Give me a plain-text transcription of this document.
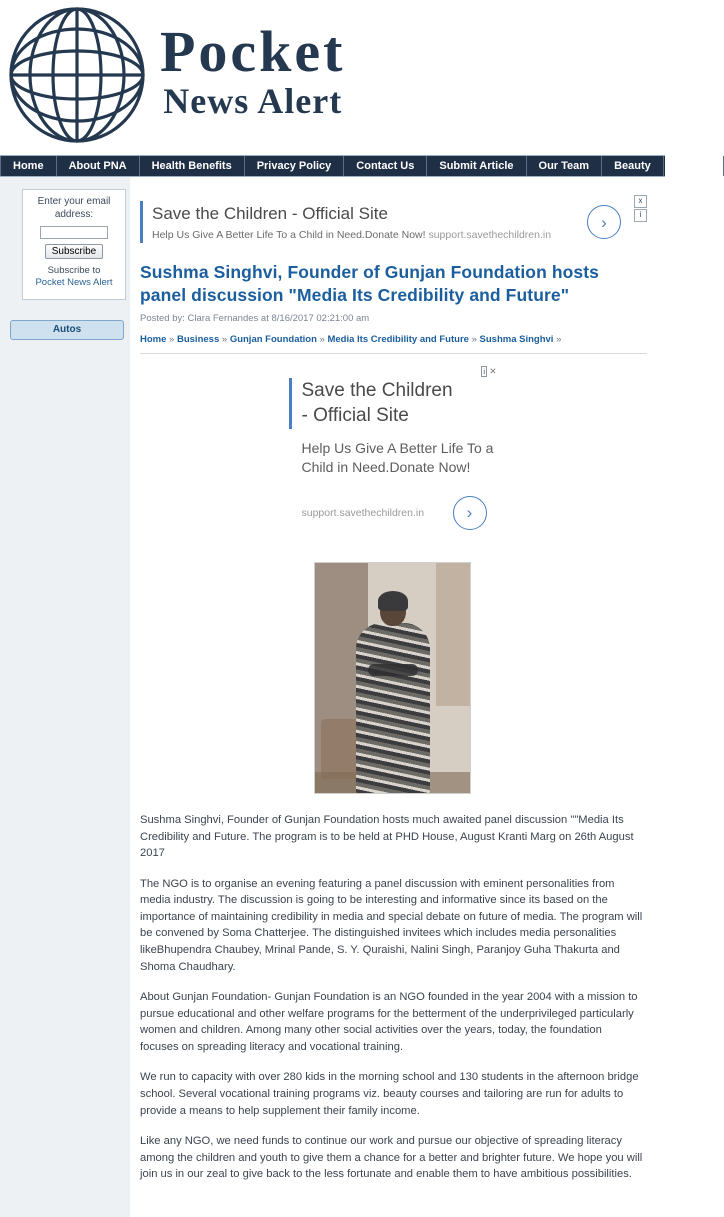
Pocket
News Alert
Home	About PNA	Health Benefits	Privacy Policy	Contact Us	Submit Article	Our Team	Beauty	Sports
Enter your email address:
Subscribe
Subscribe to
Pocket News Alert
Autos
Save the Children - Official Site
Help Us Give A Better Life To a Child in Need.Donate Now! support.savethechildren.in
›
x
i
Sushma Singhvi, Founder of Gunjan Foundation hosts panel discussion "Media Its Credibility and Future"
Posted by: Clara Fernandes at 8/16/2017 02:21:00 am
Home » Business » Gunjan Foundation » Media Its Credibility and Future » Sushma Singhvi »
i ✕
Save the Children
- Official Site
Help Us Give A Better Life To a Child in Need.Donate Now!
support.savethechildren.in	›

Sushma Singhvi, Founder of Gunjan Foundation hosts much awaited panel discussion ""Media Its Credibility and Future. The program is to be held at PHD House, August Kranti Marg on 26th August 2017

The NGO is to organise an evening featuring a panel discussion with eminent personalities from media industry. The discussion is going to be interesting and informative since its based on the importance of maintaining credibility in media and special debate on future of media. The program will be convened by Soma Chatterjee. The distinguished invitees which includes media personalities likeBhupendra Chaubey, Mrinal Pande, S. Y. Quraishi, Nalini Singh, Paranjoy Guha Thakurta and Shoma Chaudhary.

About Gunjan Foundation- Gunjan Foundation is an NGO founded in the year 2004 with a mission to pursue educational and other welfare programs for the betterment of the underprivileged particularly women and children. Among many other social activities over the years, today, the foundation focuses on spreading literacy and vocational training.

We run to capacity with over 280 kids in the morning school and 130 students in the afternoon bridge school. Several vocational training programs viz. beauty courses and tailoring are run for adults to provide a means to help supplement their family income.

Like any NGO, we need funds to continue our work and pursue our objective of spreading literacy among the children and youth to give them a chance for a better and brighter future. We hope you will join us in our zeal to give back to the less fortunate and enable them to have ambitious possibilities.
